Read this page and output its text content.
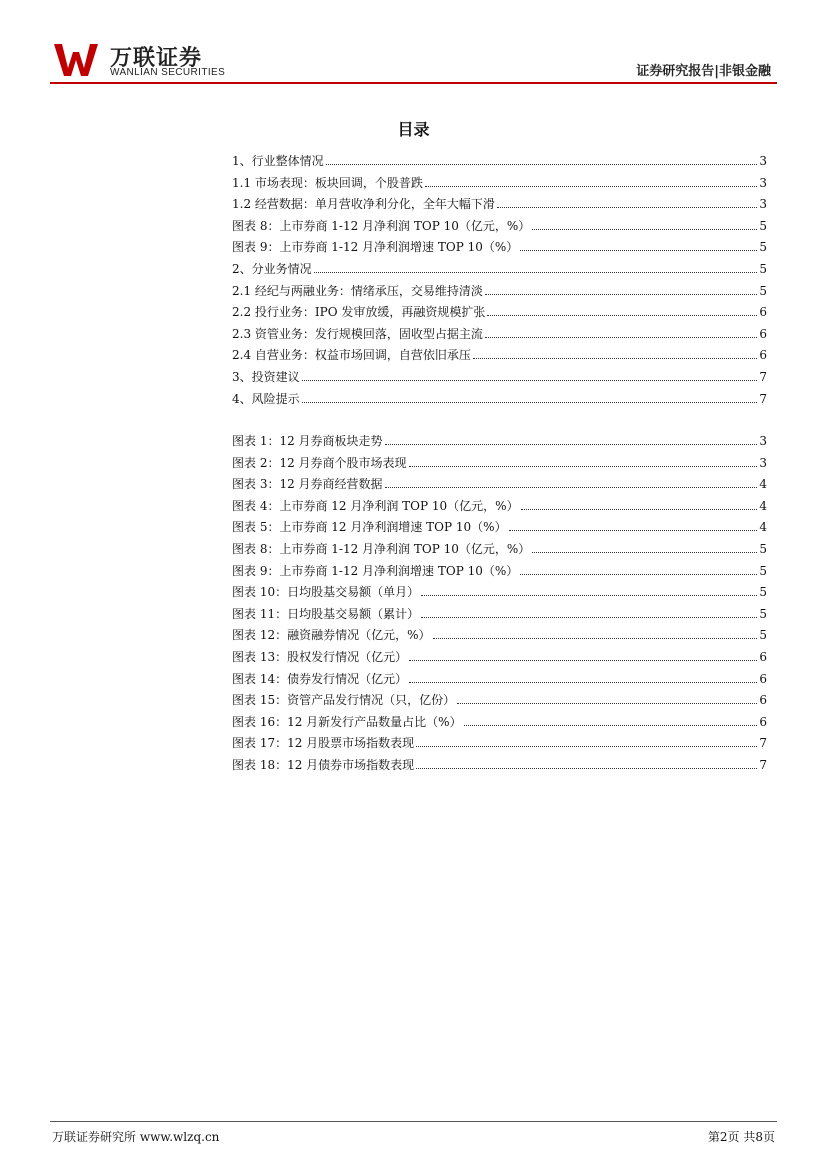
万联证券
WANLIAN SECURITIES	证券研究报告|非银金融
目录
1、行业整体情况	3
1.1 市场表现：板块回调，个股普跌	3
1.2 经营数据：单月营收净利分化，全年大幅下滑	3
图表 8：上市券商 1-12 月净利润 TOP 10（亿元，%）	5
图表 9：上市券商 1-12 月净利润增速 TOP 10（%）	5
2、分业务情况	5
2.1 经纪与两融业务：情绪承压，交易维持清淡	5
2.2 投行业务：IPO 发审放缓，再融资规模扩张	6
2.3 资管业务：发行规模回落，固收型占据主流	6
2.4 自营业务：权益市场回调，自营依旧承压	6
3、投资建议	7
4、风险提示	7
图表 1：12 月券商板块走势	3
图表 2：12 月券商个股市场表现	3
图表 3：12 月券商经营数据	4
图表 4：上市券商 12 月净利润 TOP 10（亿元，%）	4
图表 5：上市券商 12 月净利润增速 TOP 10（%）	4
图表 8：上市券商 1-12 月净利润 TOP 10（亿元，%）	5
图表 9：上市券商 1-12 月净利润增速 TOP 10（%）	5
图表 10：日均股基交易额（单月）	5
图表 11：日均股基交易额（累计）	5
图表 12：融资融券情况（亿元，%）	5
图表 13：股权发行情况（亿元）	6
图表 14：债券发行情况（亿元）	6
图表 15：资管产品发行情况（只，亿份）	6
图表 16：12 月新发行产品数量占比（%）	6
图表 17：12 月股票市场指数表现	7
图表 18：12 月债券市场指数表现	7
万联证券研究所 www.wlzq.cn	第2页 共8页
